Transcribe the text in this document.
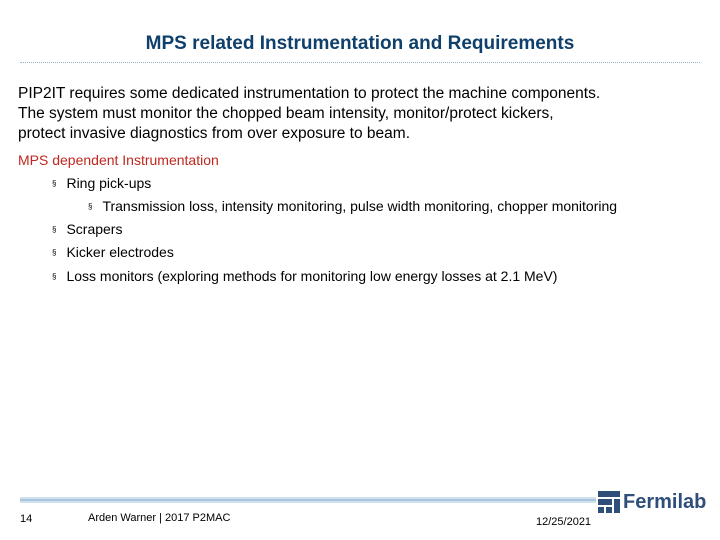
MPS related Instrumentation and Requirements
PIP2IT requires some dedicated instrumentation to protect the machine components.
The system must monitor the chopped beam intensity, monitor/protect kickers,
protect invasive diagnostics from over exposure to beam.
MPS dependent Instrumentation
§ Ring pick-ups
§ Transmission loss, intensity monitoring, pulse width monitoring, chopper monitoring
§ Scrapers
§ Kicker electrodes
§ Loss monitors (exploring methods for monitoring low energy losses at 2.1 MeV)
14	Arden Warner | 2017 P2MAC	12/25/2021
Fermilab
